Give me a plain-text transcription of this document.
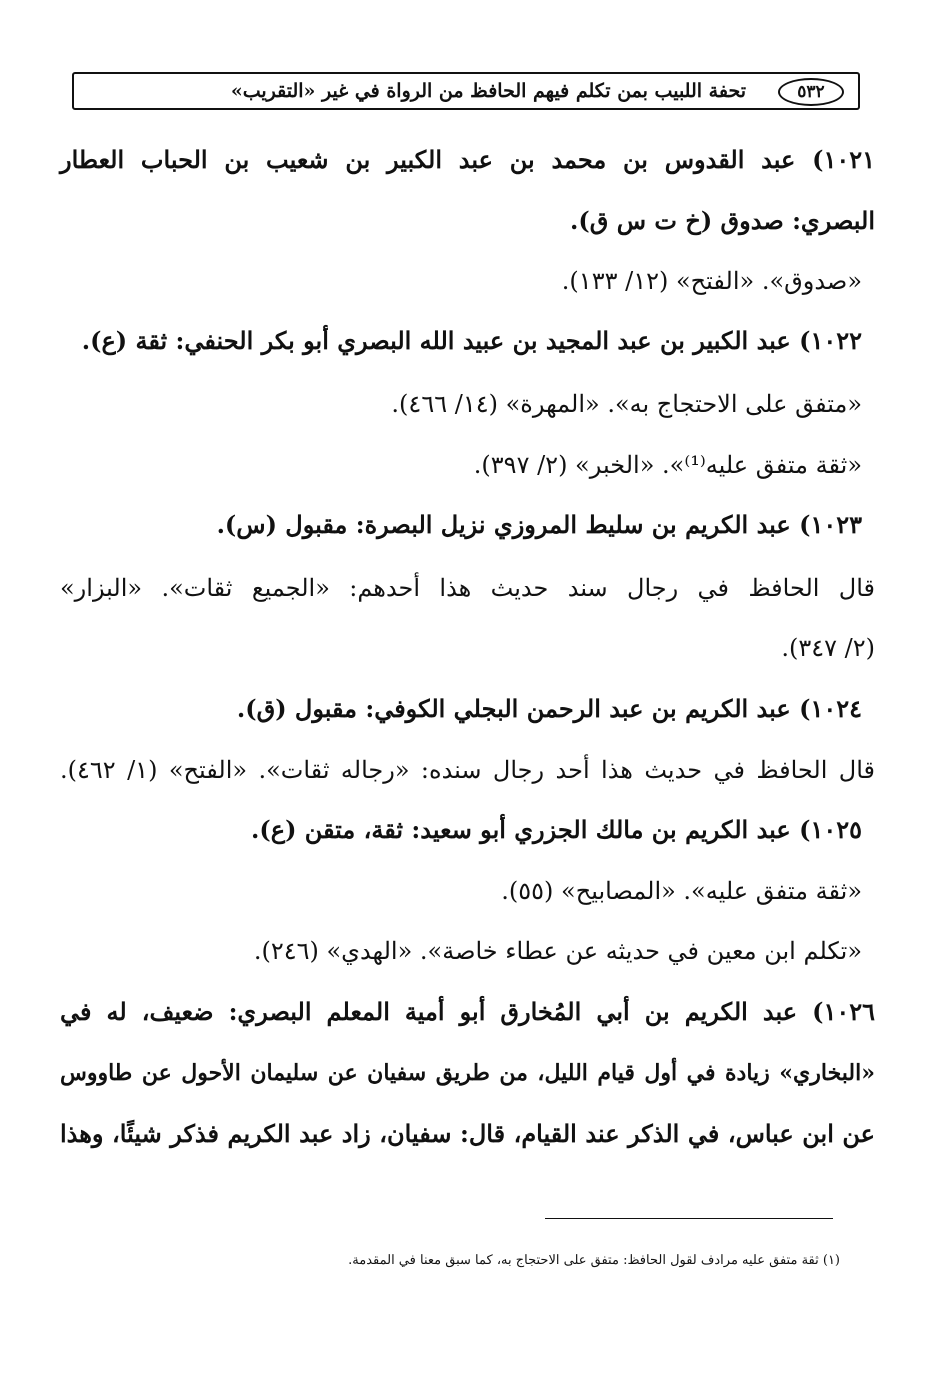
٥٣٢
تحفة اللبيب بمن تكلم فيهم الحافظ من الرواة في غير «التقريب»
١٠٢١) عبد القدوس بن محمد بن عبد الكبير بن شعيب بن الحباب العطار
البصري: صدوق (خ ت س ق).
«صدوق». «الفتح» (١٢/ ١٣٣).
١٠٢٢) عبد الكبير بن عبد المجيد بن عبيد الله البصري أبو بكر الحنفي: ثقة (ع).
«متفق على الاحتجاج به». «المهرة» (١٤/ ٤٦٦).
«ثقة متفق عليه⁽¹⁾». «الخبر» (٢/ ٣٩٧).
١٠٢٣) عبد الكريم بن سليط المروزي نزيل البصرة: مقبول (س).
قال الحافظ في رجال سند حديث هذا أحدهم: «الجميع ثقات». «البزار»
(٢/ ٣٤٧).
١٠٢٤) عبد الكريم بن عبد الرحمن البجلي الكوفي: مقبول (ق).
قال الحافظ في حديث هذا أحد رجال سنده: «رجاله ثقات». «الفتح» (١/ ٤٦٢).
١٠٢٥) عبد الكريم بن مالك الجزري أبو سعيد: ثقة، متقن (ع).
«ثقة متفق عليه». «المصابيح» (٥٥).
«تكلم ابن معين في حديثه عن عطاء خاصة». «الهدي» (٢٤٦).
١٠٢٦) عبد الكريم بن أبي المُخارق أبو أمية المعلم البصري: ضعيف، له في
«البخاري» زيادة في أول قيام الليل، من طريق سفيان عن سليمان الأحول عن طاووس
عن ابن عباس، في الذكر عند القيام، قال: سفيان، زاد عبد الكريم فذكر شيئًا، وهذا
(١) ثقة متفق عليه مرادف لقول الحافظ: متفق على الاحتجاج به، كما سبق معنا في المقدمة.
